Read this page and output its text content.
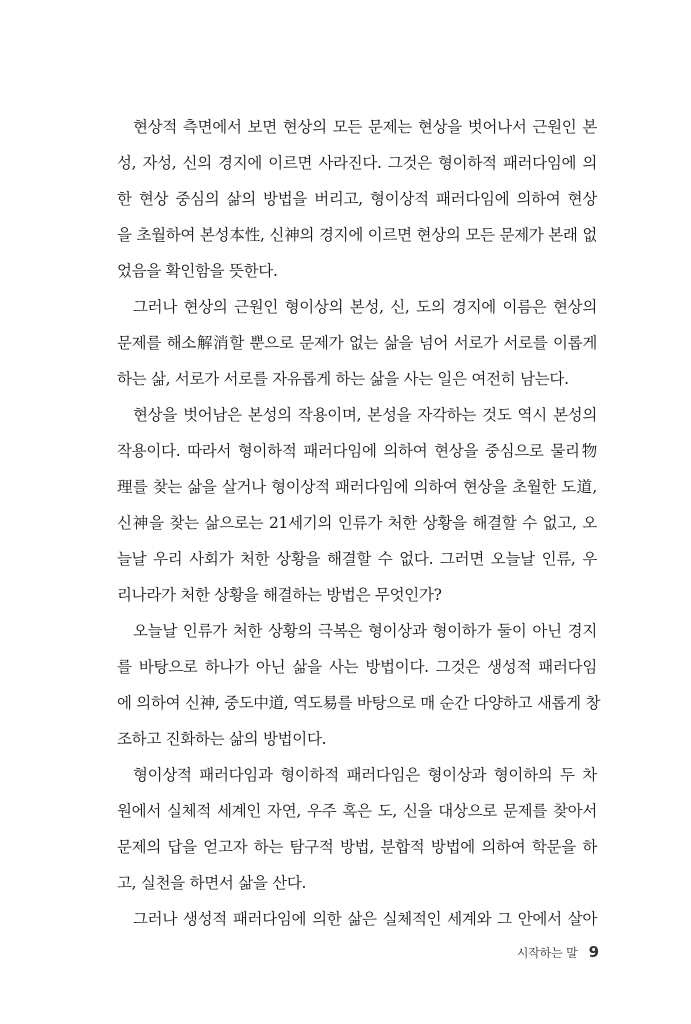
현상적 측면에서 보면 현상의 모든 문제는 현상을 벗어나서 근원인 본
성, 자성, 신의 경지에 이르면 사라진다. 그것은 형이하적 패러다임에 의
한 현상 중심의 삶의 방법을 버리고, 형이상적 패러다임에 의하여 현상
을 초월하여 본성本性, 신神의 경지에 이르면 현상의 모든 문제가 본래 없
었음을 확인함을 뜻한다.
그러나 현상의 근원인 형이상의 본성, 신, 도의 경지에 이름은 현상의
문제를 해소解消할 뿐으로 문제가 없는 삶을 넘어 서로가 서로를 이롭게
하는 삶, 서로가 서로를 자유롭게 하는 삶을 사는 일은 여전히 남는다.
현상을 벗어남은 본성의 작용이며, 본성을 자각하는 것도 역시 본성의
작용이다. 따라서 형이하적 패러다임에 의하여 현상을 중심으로 물리物
理를 찾는 삶을 살거나 형이상적 패러다임에 의하여 현상을 초월한 도道,
신神을 찾는 삶으로는 21세기의 인류가 처한 상황을 해결할 수 없고, 오
늘날 우리 사회가 처한 상황을 해결할 수 없다. 그러면 오늘날 인류, 우
리나라가 처한 상황을 해결하는 방법은 무엇인가?
오늘날 인류가 처한 상황의 극복은 형이상과 형이하가 둘이 아닌 경지
를 바탕으로 하나가 아닌 삶을 사는 방법이다. 그것은 생성적 패러다임
에 의하여 신神, 중도中道, 역도易를 바탕으로 매 순간 다양하고 새롭게 창
조하고 진화하는 삶의 방법이다.
형이상적 패러다임과 형이하적 패러다임은 형이상과 형이하의 두 차
원에서 실체적 세계인 자연, 우주 혹은 도, 신을 대상으로 문제를 찾아서
문제의 답을 얻고자 하는 탐구적 방법, 분합적 방법에 의하여 학문을 하
고, 실천을 하면서 삶을 산다.
그러나 생성적 패러다임에 의한 삶은 실체적인 세계와 그 안에서 살아
시작하는 말 9
